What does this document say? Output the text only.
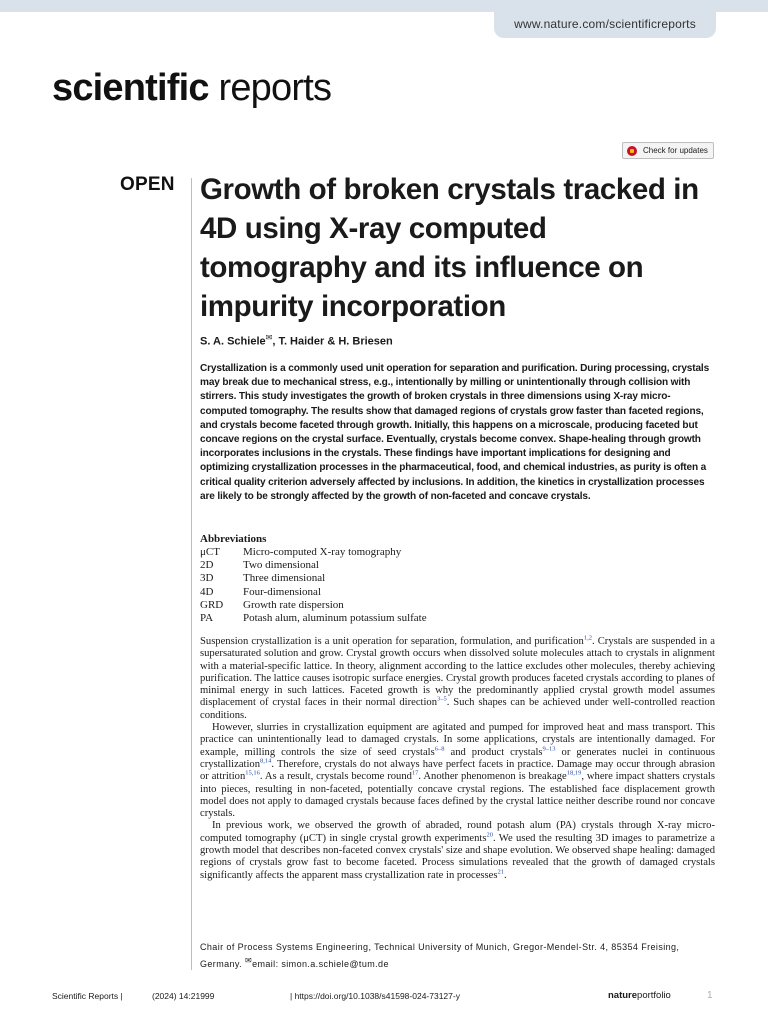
www.nature.com/scientificreports
scientific reports
Check for updates
OPEN Growth of broken crystals tracked in 4D using X-ray computed tomography and its influence on impurity incorporation
S. A. Schiele✉, T. Haider & H. Briesen

Crystallization is a commonly used unit operation for separation and purification. During processing, crystals may break due to mechanical stress, e.g., intentionally by milling or unintentionally through collision with stirrers. This study investigates the growth of broken crystals in three dimensions using X-ray micro-computed tomography. The results show that damaged regions of crystals grow faster than faceted regions, and crystals become faceted through growth. Initially, this happens on a microscale, producing faceted but concave regions on the crystal surface. Eventually, crystals become convex. Shape-healing through growth incorporates inclusions in the crystals. These findings have important implications for designing and optimizing crystallization processes in the pharmaceutical, food, and chemical industries, as purity is often a critical quality criterion adversely affected by inclusions. In addition, the kinetics in crystallization processes are likely to be strongly affected by the growth of non-faceted and concave crystals.

Abbreviations
μCT	Micro-computed X-ray tomography
2D	Two dimensional
3D	Three dimensional
4D	Four-dimensional
GRD	Growth rate dispersion
PA	Potash alum, aluminum potassium sulfate

Suspension crystallization is a unit operation for separation, formulation, and purification$^{1,2}$. Crystals are suspended in a supersaturated solution and grow. Crystal growth occurs when dissolved solute molecules attach to crystals in alignment with a material-specific lattice. In theory, alignment according to the lattice excludes other molecules, thereby achieving purification. The lattice causes isotropic surface energies. Crystal growth produces faceted crystals according to planes of minimal energy in such lattices. Faceted growth is why the predominantly applied crystal growth model assumes displacement of crystal faces in their normal direction$^{3-5}$. Such shapes can be achieved under well-controlled reaction conditions.

However, slurries in crystallization equipment are agitated and pumped for improved heat and mass transport. This practice can unintentionally lead to damaged crystals. In some applications, crystals are intentionally damaged. For example, milling controls the size of seed crystals$^{6-8}$ and product crystals$^{9-13}$ or generates nuclei in continuous crystallization$^{8,14}$. Therefore, crystals do not always have perfect facets in practice. Damage may occur through abrasion or attrition$^{15,16}$. As a result, crystals become round$^{17}$. Another phenomenon is breakage$^{18,19}$, where impact shatters crystals into pieces, resulting in non-faceted, potentially concave crystal regions. The established face displacement growth model does not apply to damaged crystals because faces defined by the crystal lattice neither describe round nor concave crystals.

In previous work, we observed the growth of abraded, round potash alum (PA) crystals through X-ray micro-computed tomography (μCT) in single crystal growth experiments$^{20}$. We used the resulting 3D images to parametrize a growth model that describes non-faceted convex crystals' size and shape evolution. We observed shape healing: damaged regions of crystals grow fast to become faceted. Process simulations revealed that the growth of damaged crystals significantly affects the apparent mass crystallization rate in processes$^{21}$.

Chair of Process Systems Engineering, Technical University of Munich, Gregor-Mendel-Str. 4, 85354 Freising,
Germany. ✉email: simon.a.schiele@tum.de
Scientific Reports |	(2024) 14:21999	| https://doi.org/10.1038/s41598-024-73127-y	natureportfolio	1
